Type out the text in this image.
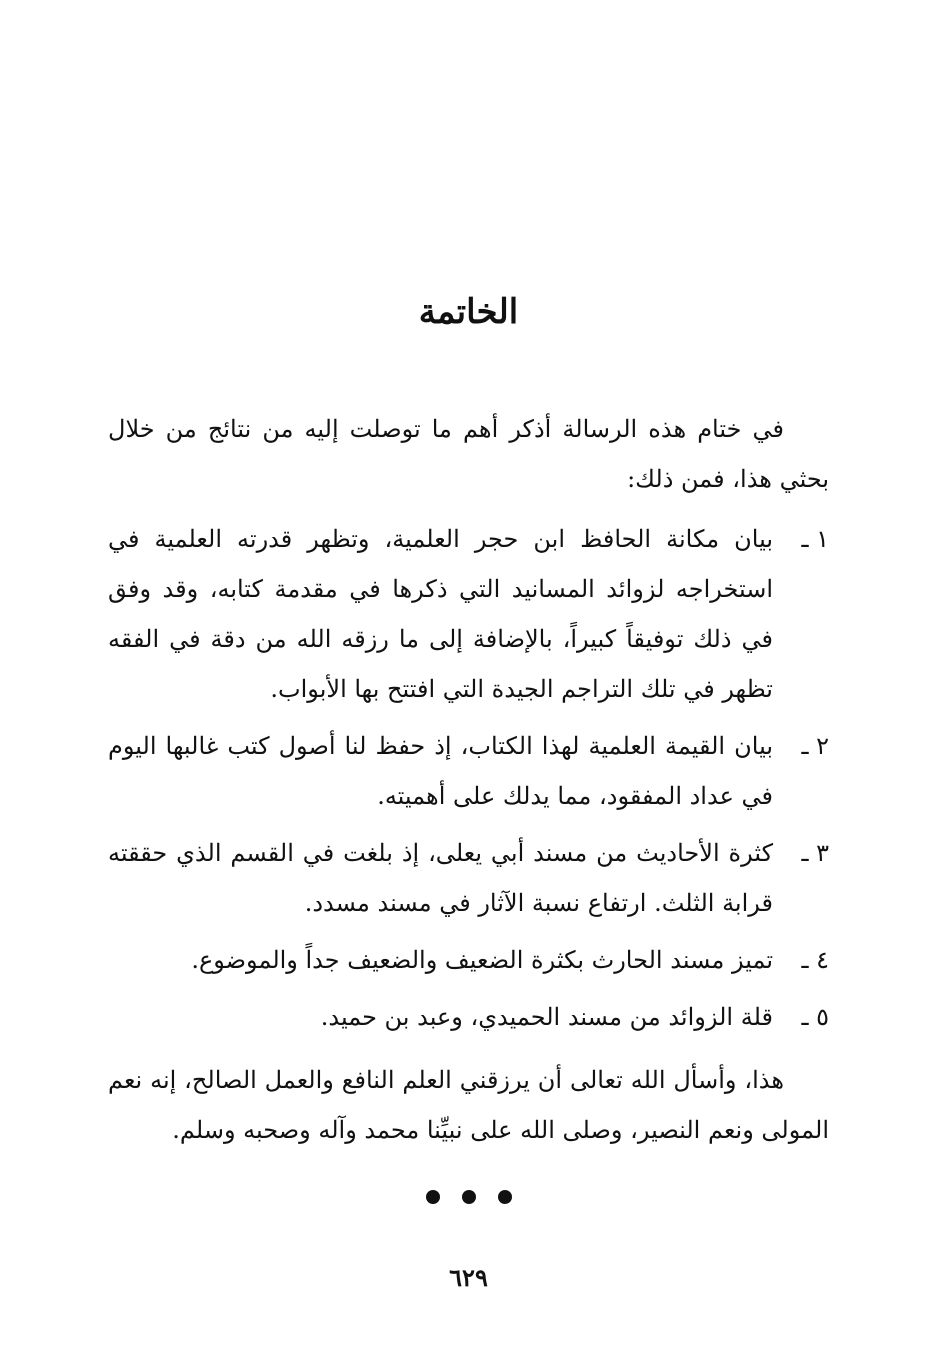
الخاتمة

في ختام هذه الرسالة أذكر أهم ما توصلت إليه من نتائج من خلال بحثي هذا، فمن ذلك:

١ ـ
بيان مكانة الحافظ ابن حجر العلمية، وتظهر قدرته العلمية في استخراجه لزوائد المسانيد التي ذكرها في مقدمة كتابه، وقد وفق في ذلك توفيقاً كبيراً، بالإضافة إلى ما رزقه الله من دقة في الفقه تظهر في تلك التراجم الجيدة التي افتتح بها الأبواب.
٢ ـ
بيان القيمة العلمية لهذا الكتاب، إذ حفظ لنا أصول كتب غالبها اليوم في عداد المفقود، مما يدلك على أهميته.
٣ ـ
كثرة الأحاديث من مسند أبي يعلى، إذ بلغت في القسم الذي حققته قرابة الثلث. ارتفاع نسبة الآثار في مسند مسدد.
٤ ـ
تميز مسند الحارث بكثرة الضعيف والضعيف جداً والموضوع.
٥ ـ
قلة الزوائد من مسند الحميدي، وعبد بن حميد.

هذا، وأسأل الله تعالى أن يرزقني العلم النافع والعمل الصالح، إنه نعم المولى ونعم النصير، وصلى الله على نبيِّنا محمد وآله وصحبه وسلم.

٦٢٩
